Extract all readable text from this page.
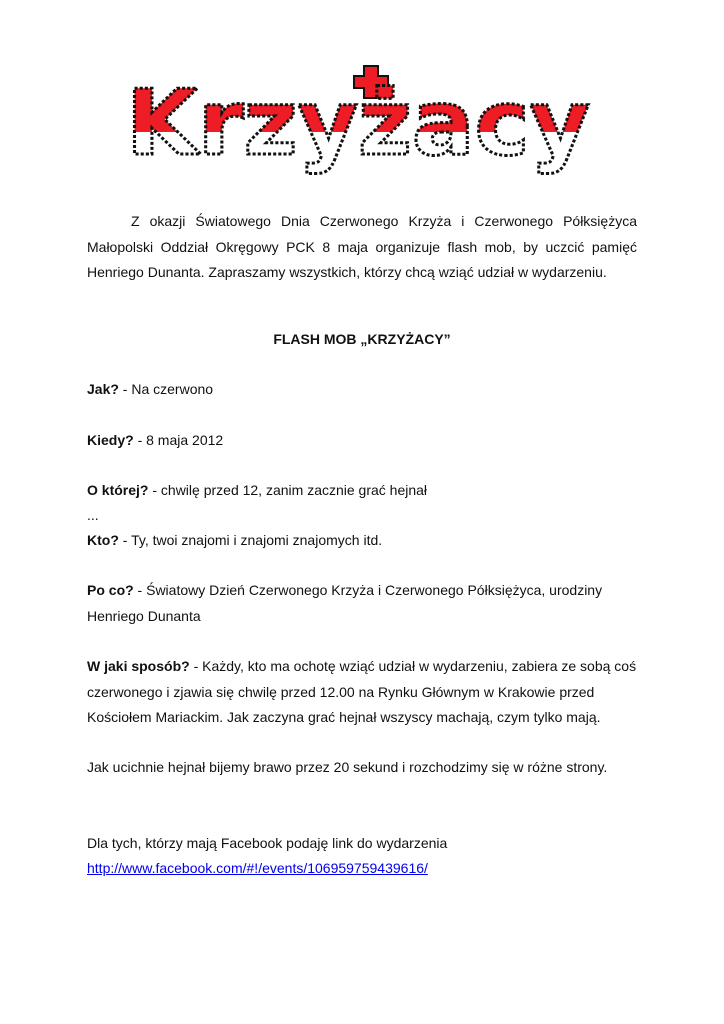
Krzyżacy

Z okazji Światowego Dnia Czerwonego Krzyża i Czerwonego Półksiężyca Małopolski Oddział Okręgowy PCK 8 maja organizuje flash mob, by uczcić pamięć Henriego Dunanta. Zapraszamy wszystkich, którzy chcą wziąć udział w wydarzeniu.

FLASH MOB „KRZYŻACY”

Jak? - Na czerwono

Kiedy? - 8 maja 2012

O której? - chwilę przed 12, zanim zacznie grać hejnał

...

Kto? - Ty, twoi znajomi i znajomi znajomych itd.

Po co? - Światowy Dzień Czerwonego Krzyża i Czerwonego Półksiężyca, urodziny Henriego Dunanta

W jaki sposób? - Każdy, kto ma ochotę wziąć udział w wydarzeniu, zabiera ze sobą coś czerwonego i zjawia się chwilę przed 12.00 na Rynku Głównym w Krakowie przed Kościołem Mariackim. Jak zaczyna grać hejnał wszyscy machają, czym tylko mają.

Jak ucichnie hejnał bijemy brawo przez 20 sekund i rozchodzimy się w różne strony.

Dla tych, którzy mają Facebook podaję link do wydarzenia

http://www.facebook.com/#!/events/106959759439616/
